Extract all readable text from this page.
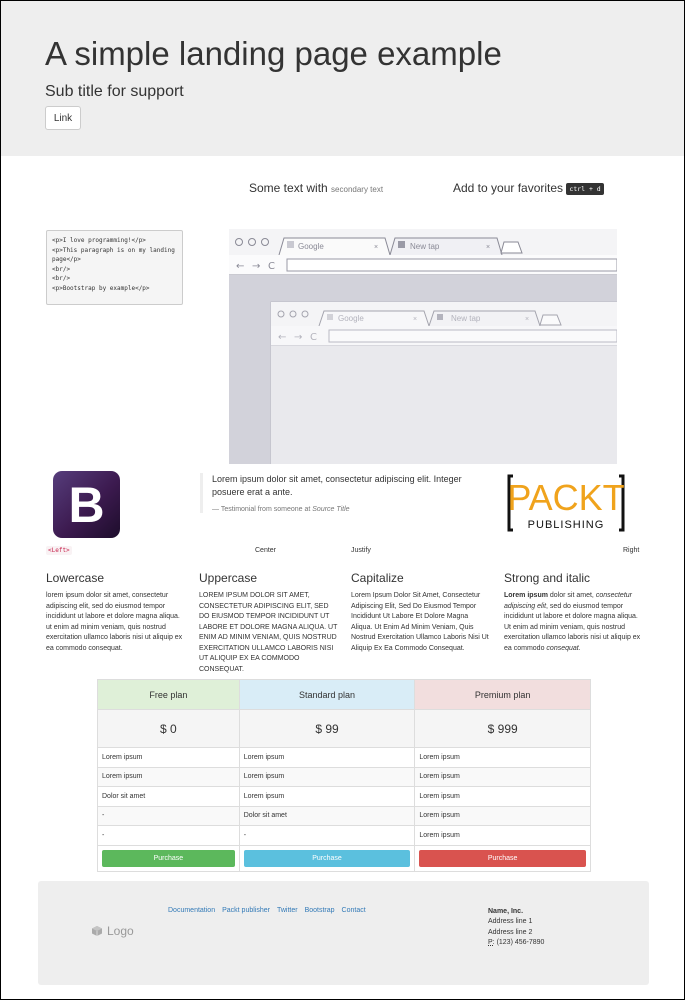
A simple landing page example
Sub title for support
Link
Some text with secondary text	Add to your favorites ctrl + d
<p>I love programming!</p>
<p>This paragraph is on my landing page</p>
<br/>
<br/>
<p>Bootstrap by example</p>
Google	×	New tap	×
← → C
Google	×	New tap	×
← → C
B	Lorem ipsum dolor sit amet, consectetur adipiscing elit. Integer posuere erat a ante.

— Testimonial from someone at Source Title	PACKT
PUBLISHING
<Left>	Center	Justify	Right
Lowercase

lorem ipsum dolor sit amet, consectetur adipiscing elit, sed do eiusmod tempor incididunt ut labore et dolore magna aliqua. ut enim ad minim veniam, quis nostrud exercitation ullamco laboris nisi ut aliquip ex ea commodo consequat.

Uppercase

LOREM IPSUM DOLOR SIT AMET, CONSECTETUR ADIPISCING ELIT, SED DO EIUSMOD TEMPOR INCIDIDUNT UT LABORE ET DOLORE MAGNA ALIQUA. UT ENIM AD MINIM VENIAM, QUIS NOSTRUD EXERCITATION ULLAMCO LABORIS NISI UT ALIQUIP EX EA COMMODO CONSEQUAT.

Capitalize

Lorem Ipsum Dolor Sit Amet, Consectetur Adipiscing Elit, Sed Do Eiusmod Tempor Incididunt Ut Labore Et Dolore Magna Aliqua. Ut Enim Ad Minim Veniam, Quis Nostrud Exercitation Ullamco Laboris Nisi Ut Aliquip Ex Ea Commodo Consequat.

Strong and italic

Lorem ipsum dolor sit amet, consectetur adipiscing elit, sed do eiusmod tempor incididunt ut labore et dolore magna aliqua. Ut enim ad minim veniam, quis nostrud exercitation ullamco laboris nisi ut aliquip ex ea commodo consequat.

Free plan	Standard plan	Premium plan
$ 0	$ 99	$ 999
Lorem ipsum	Lorem ipsum	Lorem ipsum
Lorem ipsum	Lorem ipsum	Lorem ipsum
Dolor sit amet	Lorem ipsum	Lorem ipsum
-	Dolor sit amet	Lorem ipsum
-	-	Lorem ipsum

Purchase	Purchase	Purchase
Logo
Documentation Packt publisher Twitter Bootstrap Contact	Name, Inc.
Address line 1
Address line 2
P: (123) 456-7890
